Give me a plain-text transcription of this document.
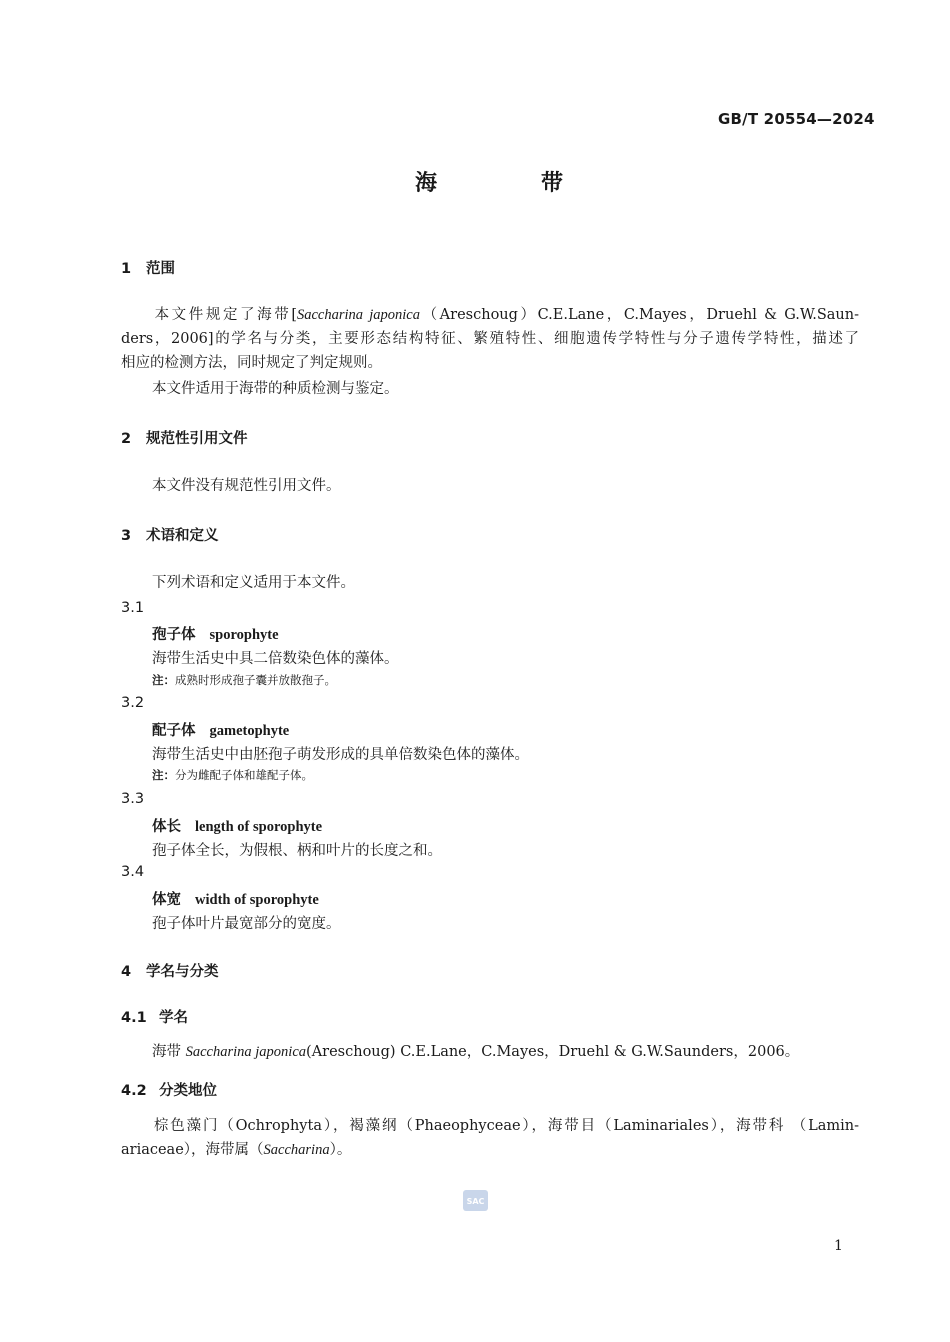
GB/T 20554—2024
海	带
1 范围
本文件规定了海带[Saccharina japonica（Areschoug）C.E.Lane，C.Mayes，Druehl & G.W.Saun-
ders，2006]的学名与分类，主要形态结构特征、繁殖特性、细胞遗传学特性与分子遗传学特性，描述了
相应的检测方法，同时规定了判定规则。
本文件适用于海带的种质检测与鉴定。
2 规范性引用文件
本文件没有规范性引用文件。
3 术语和定义
下列术语和定义适用于本文件。
3.1
孢子体 sporophyte
海带生活史中具二倍数染色体的藻体。
注：成熟时形成孢子囊并放散孢子。
3.2
配子体 gametophyte
海带生活史中由胚孢子萌发形成的具单倍数染色体的藻体。
注：分为雌配子体和雄配子体。
3.3
体长 length of sporophyte
孢子体全长，为假根、柄和叶片的长度之和。
3.4
体宽 width of sporophyte
孢子体叶片最宽部分的宽度。
4 学名与分类
4.1 学名
海带 Saccharina japonica(Areschoug) C.E.Lane，C.Mayes，Druehl & G.W.Saunders，2006。
4.2 分类地位
棕色藻门（Ochrophyta），褐藻纲（Phaeophyceae），海带目（Laminariales），海带科 （Lamin-
ariaceae），海带属（Saccharina）。
SAC
1
